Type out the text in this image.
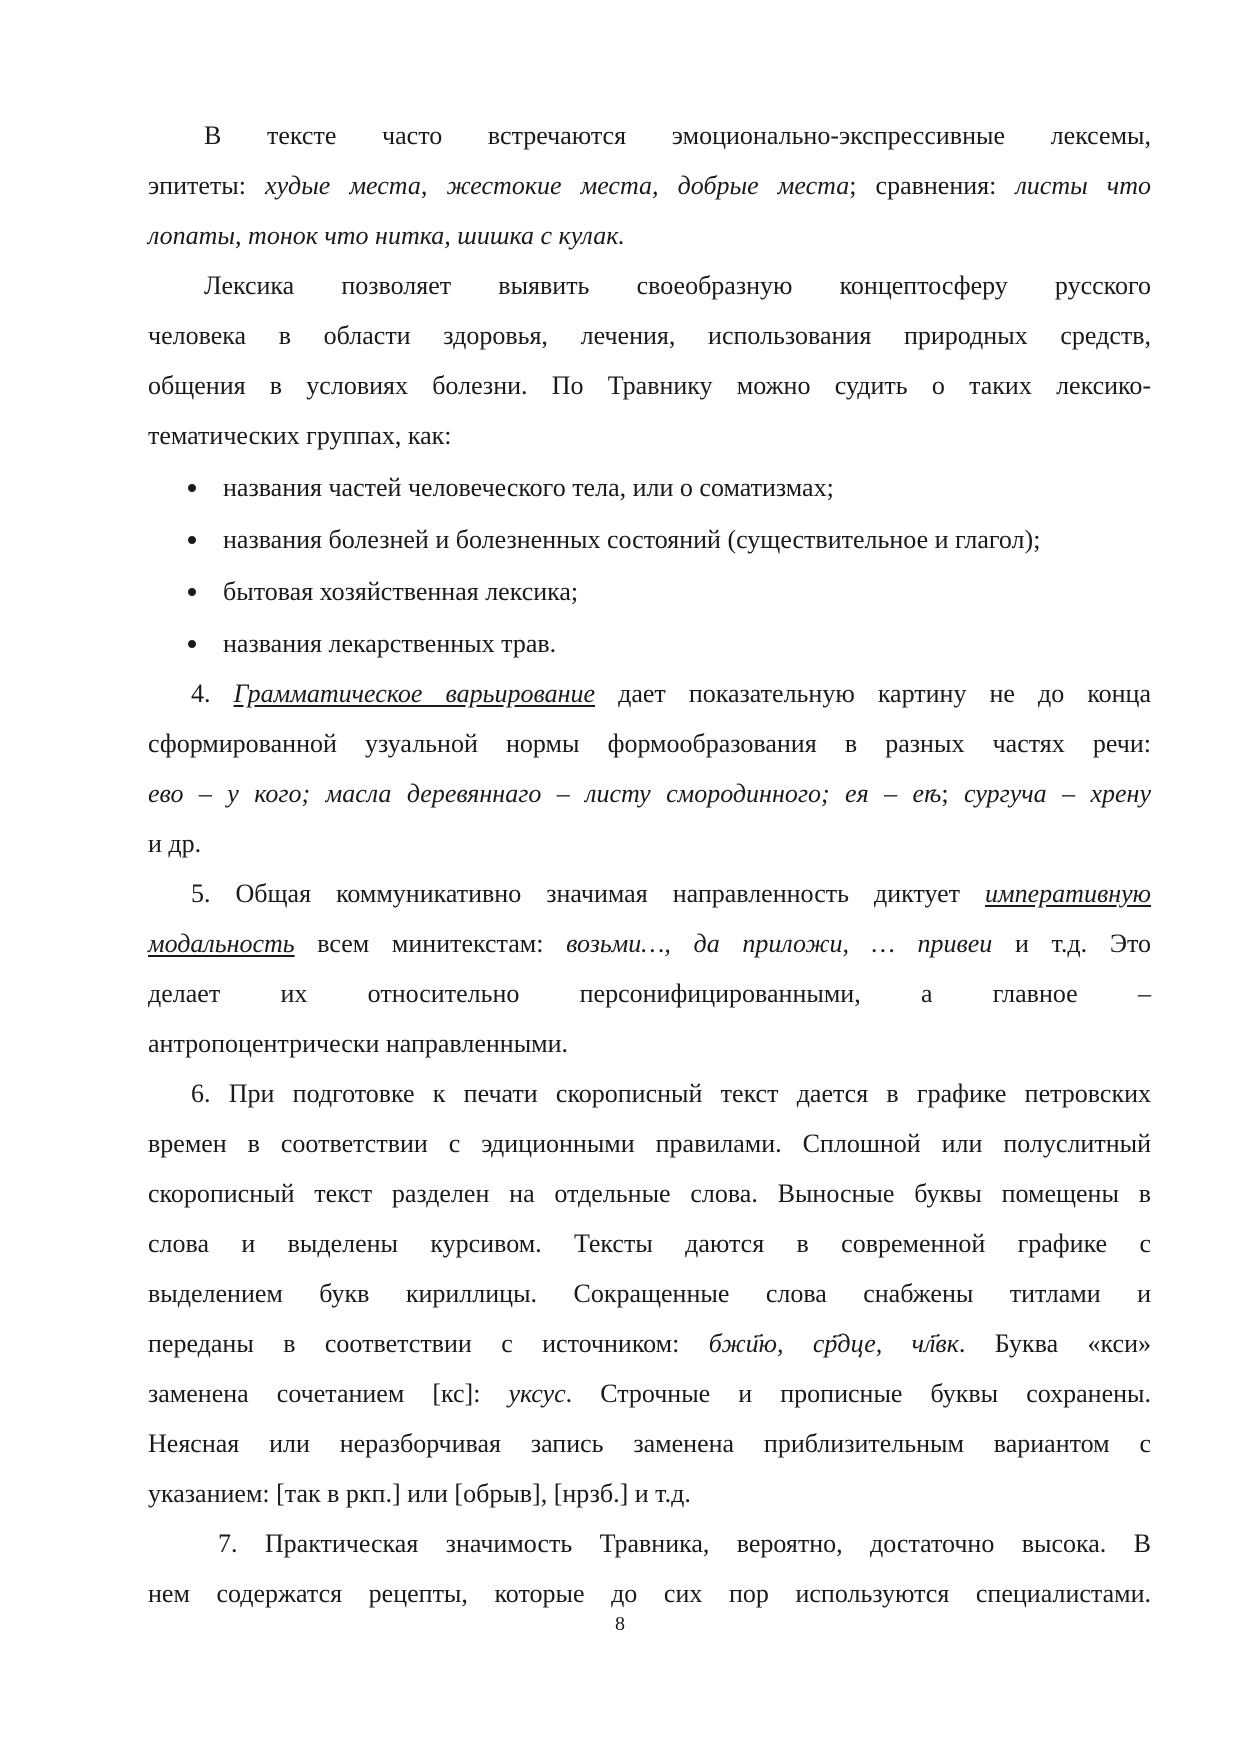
В тексте часто встречаются эмоционально-экспрессивные лексемы,
эпитеты: худые места, жестокие места, добрые места; сравнения: листы что
лопаты, тонок что нитка, шишка с кулак.
Лексика позволяет выявить своеобразную концептосферу русского
человека в области здоровья, лечения, использования природных средств,
общения в условиях болезни. По Травнику можно судить о таких лексико-
тематических группах, как:
названия частей человеческого тела, или о соматизмах;
названия болезней и болезненных состояний (существительное и глагол);
бытовая хозяйственная лексика;
названия лекарственных трав.
4. Грамматическое варьирование дает показательную картину не до конца
сформированной узуальной нормы формообразования в разных частях речи:
ево – у кого; масла деревяннаго – листу смородинного; ея – еѣ; сургуча – хрену
и др.
5. Общая коммуникативно значимая направленность диктует императивную
модальность всем минитекстам: возьми…, да приложи, … привеи и т.д. Это
делает их относительно персонифицированными, а главное –
антропоцентрически направленными.
6. При подготовке к печати скорописный текст дается в графике петровских
времен в соответствии с эдиционными правилами. Сплошной или полуслитный
скорописный текст разделен на отдельные слова. Выносные буквы помещены в
слова и выделены курсивом. Тексты даются в современной графике с
выделением букв кириллицы. Сокращенные слова снабжены титлами и
переданы в соответствии с источником: бжи҃ю, ср҃дце, чл҃вк. Буква «кси»
заменена сочетанием [кс]: уксус. Строчные и прописные буквы сохранены.
Неясная или неразборчивая запись заменена приблизительным вариантом с
указанием: [так в ркп.] или [обрыв], [нрзб.] и т.д.
7. Практическая значимость Травника, вероятно, достаточно высока. В
нем содержатся рецепты, которые до сих пор используются специалистами.
8
